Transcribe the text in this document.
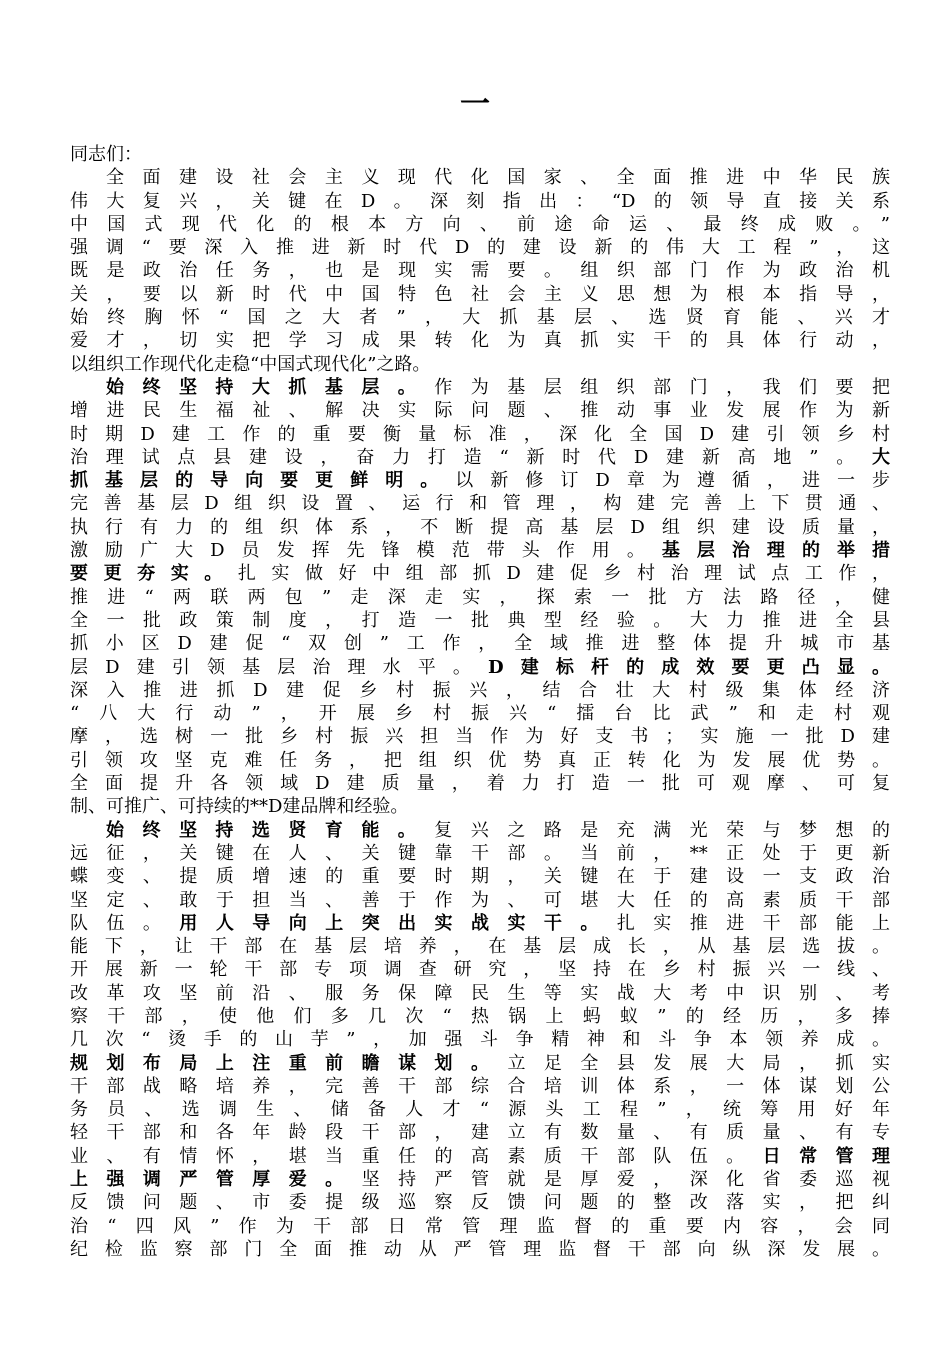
一
同志们：
全面建设社会主义现代化国家、全面推进中华民族
伟大复兴，关键在D。深刻指出：“D的领导直接关系
中国式现代化的根本方向、前途命运、最终成败。”
强调“要深入推进新时代D的建设新的伟大工程”，这
既是政治任务，也是现实需要。组织部门作为政治机
关，要以新时代中国特色社会主义思想为根本指导，
始终胸怀“国之大者”，大抓基层、选贤育能、兴才
爱才，切实把学习成果转化为真抓实干的具体行动，
以组织工作现代化走稳“中国式现代化”之路。
始终坚持大抓基层。作为基层组织部门，我们要把
增进民生福祉、解决实际问题、推动事业发展作为新
时期D建工作的重要衡量标准，深化全国D建引领乡村
治理试点县建设，奋力打造“新时代D建新高地”。大
抓基层的导向要更鲜明。以新修订D章为遵循，进一步
完善基层D组织设置、运行和管理，构建完善上下贯通、
执行有力的组织体系，不断提高基层D组织建设质量，
激励广大D员发挥先锋模范带头作用。基层治理的举措
要更夯实。扎实做好中组部抓D建促乡村治理试点工作，
推进“两联两包”走深走实，探索一批方法路径，健
全一批政策制度，打造一批典型经验。大力推进全县
抓小区D建促“双创”工作，全域推进整体提升城市基
层D建引领基层治理水平。D建标杆的成效要更凸显。
深入推进抓D建促乡村振兴，结合壮大村级集体经济
“八大行动”，开展乡村振兴“擂台比武”和走村观
摩，选树一批乡村振兴担当作为好支书；实施一批D建
引领攻坚克难任务，把组织优势真正转化为发展优势。
全面提升各领域D建质量，着力打造一批可观摩、可复
制、可推广、可持续的**D建品牌和经验。
始终坚持选贤育能。复兴之路是充满光荣与梦想的
远征，关键在人、关键靠干部。当前，**正处于更新
蝶变、提质增速的重要时期，关键在于建设一支政治
坚定、敢于担当、善于作为、可堪大任的高素质干部
队伍。用人导向上突出实战实干。扎实推进干部能上
能下，让干部在基层培养，在基层成长，从基层选拔。
开展新一轮干部专项调查研究，坚持在乡村振兴一线、
改革攻坚前沿、服务保障民生等实战大考中识别、考
察干部，使他们多几次“热锅上蚂蚁”的经历，多捧
几次“烫手的山芋”，加强斗争精神和斗争本领养成。
规划布局上注重前瞻谋划。立足全县发展大局，抓实
干部战略培养，完善干部综合培训体系，一体谋划公
务员、选调生、储备人才“源头工程”，统筹用好年
轻干部和各年龄段干部，建立有数量、有质量、有专
业、有情怀，堪当重任的高素质干部队伍。日常管理
上强调严管厚爱。坚持严管就是厚爱，深化省委巡视
反馈问题、市委提级巡察反馈问题的整改落实，把纠
治“四风”作为干部日常管理监督的重要内容，会同
纪检监察部门全面推动从严管理监督干部向纵深发展。
